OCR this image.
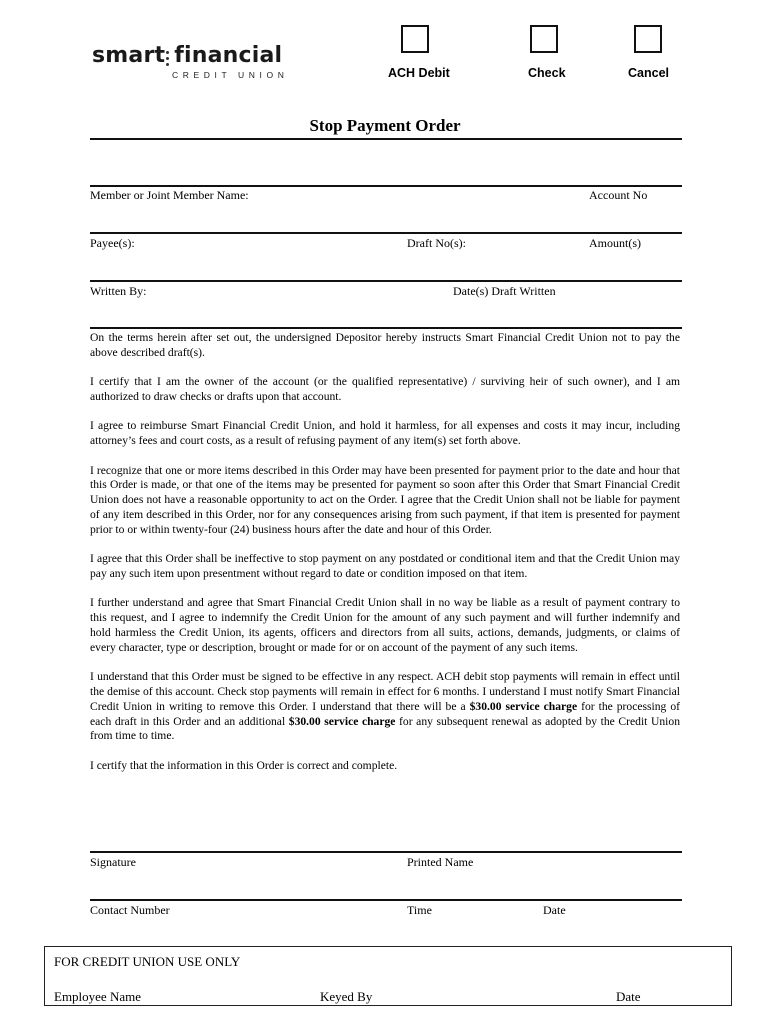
smart financial
CREDIT UNION	ACH Debit	Check	Cancel
Stop Payment Order
Member or Joint Member Name:	Account No
Payee(s):	Draft No(s):	Amount(s)
Written By:	Date(s) Draft Written

On the terms herein after set out, the undersigned Depositor hereby instructs Smart Financial Credit Union not to pay the above described draft(s).

I certify that I am the owner of the account (or the qualified representative) / surviving heir of such owner), and I am authorized to draw checks or drafts upon that account.

I agree to reimburse Smart Financial Credit Union, and hold it harmless, for all expenses and costs it may incur, including attorney’s fees and court costs, as a result of refusing payment of any item(s) set forth above.

I recognize that one or more items described in this Order may have been presented for payment prior to the date and hour that this Order is made, or that one of the items may be presented for payment so soon after this Order that Smart Financial Credit Union does not have a reasonable opportunity to act on the Order. I agree that the Credit Union shall not be liable for payment of any item described in this Order, nor for any consequences arising from such payment, if that item is presented for payment prior to or within twenty-four (24) business hours after the date and hour of this Order.

I agree that this Order shall be ineffective to stop payment on any postdated or conditional item and that the Credit Union may pay any such item upon presentment without regard to date or condition imposed on that item.

I further understand and agree that Smart Financial Credit Union shall in no way be liable as a result of payment contrary to this request, and I agree to indemnify the Credit Union for the amount of any such payment and will further indemnify and hold harmless the Credit Union, its agents, officers and directors from all suits, actions, demands, judgments, or claims of every character, type or description, brought or made for or on account of the payment of any such items.

I understand that this Order must be signed to be effective in any respect. ACH debit stop payments will remain in effect until the demise of this account. Check stop payments will remain in effect for 6 months. I understand I must notify Smart Financial Credit Union in writing to remove this Order. I understand that there will be a $30.00 service charge for the processing of each draft in this Order and an additional $30.00 service charge for any subsequent renewal as adopted by the Credit Union from time to time.

I certify that the information in this Order is correct and complete.

Signature	Printed Name
Contact Number	Time	Date
FOR CREDIT UNION USE ONLY
Employee Name	Keyed By	Date
